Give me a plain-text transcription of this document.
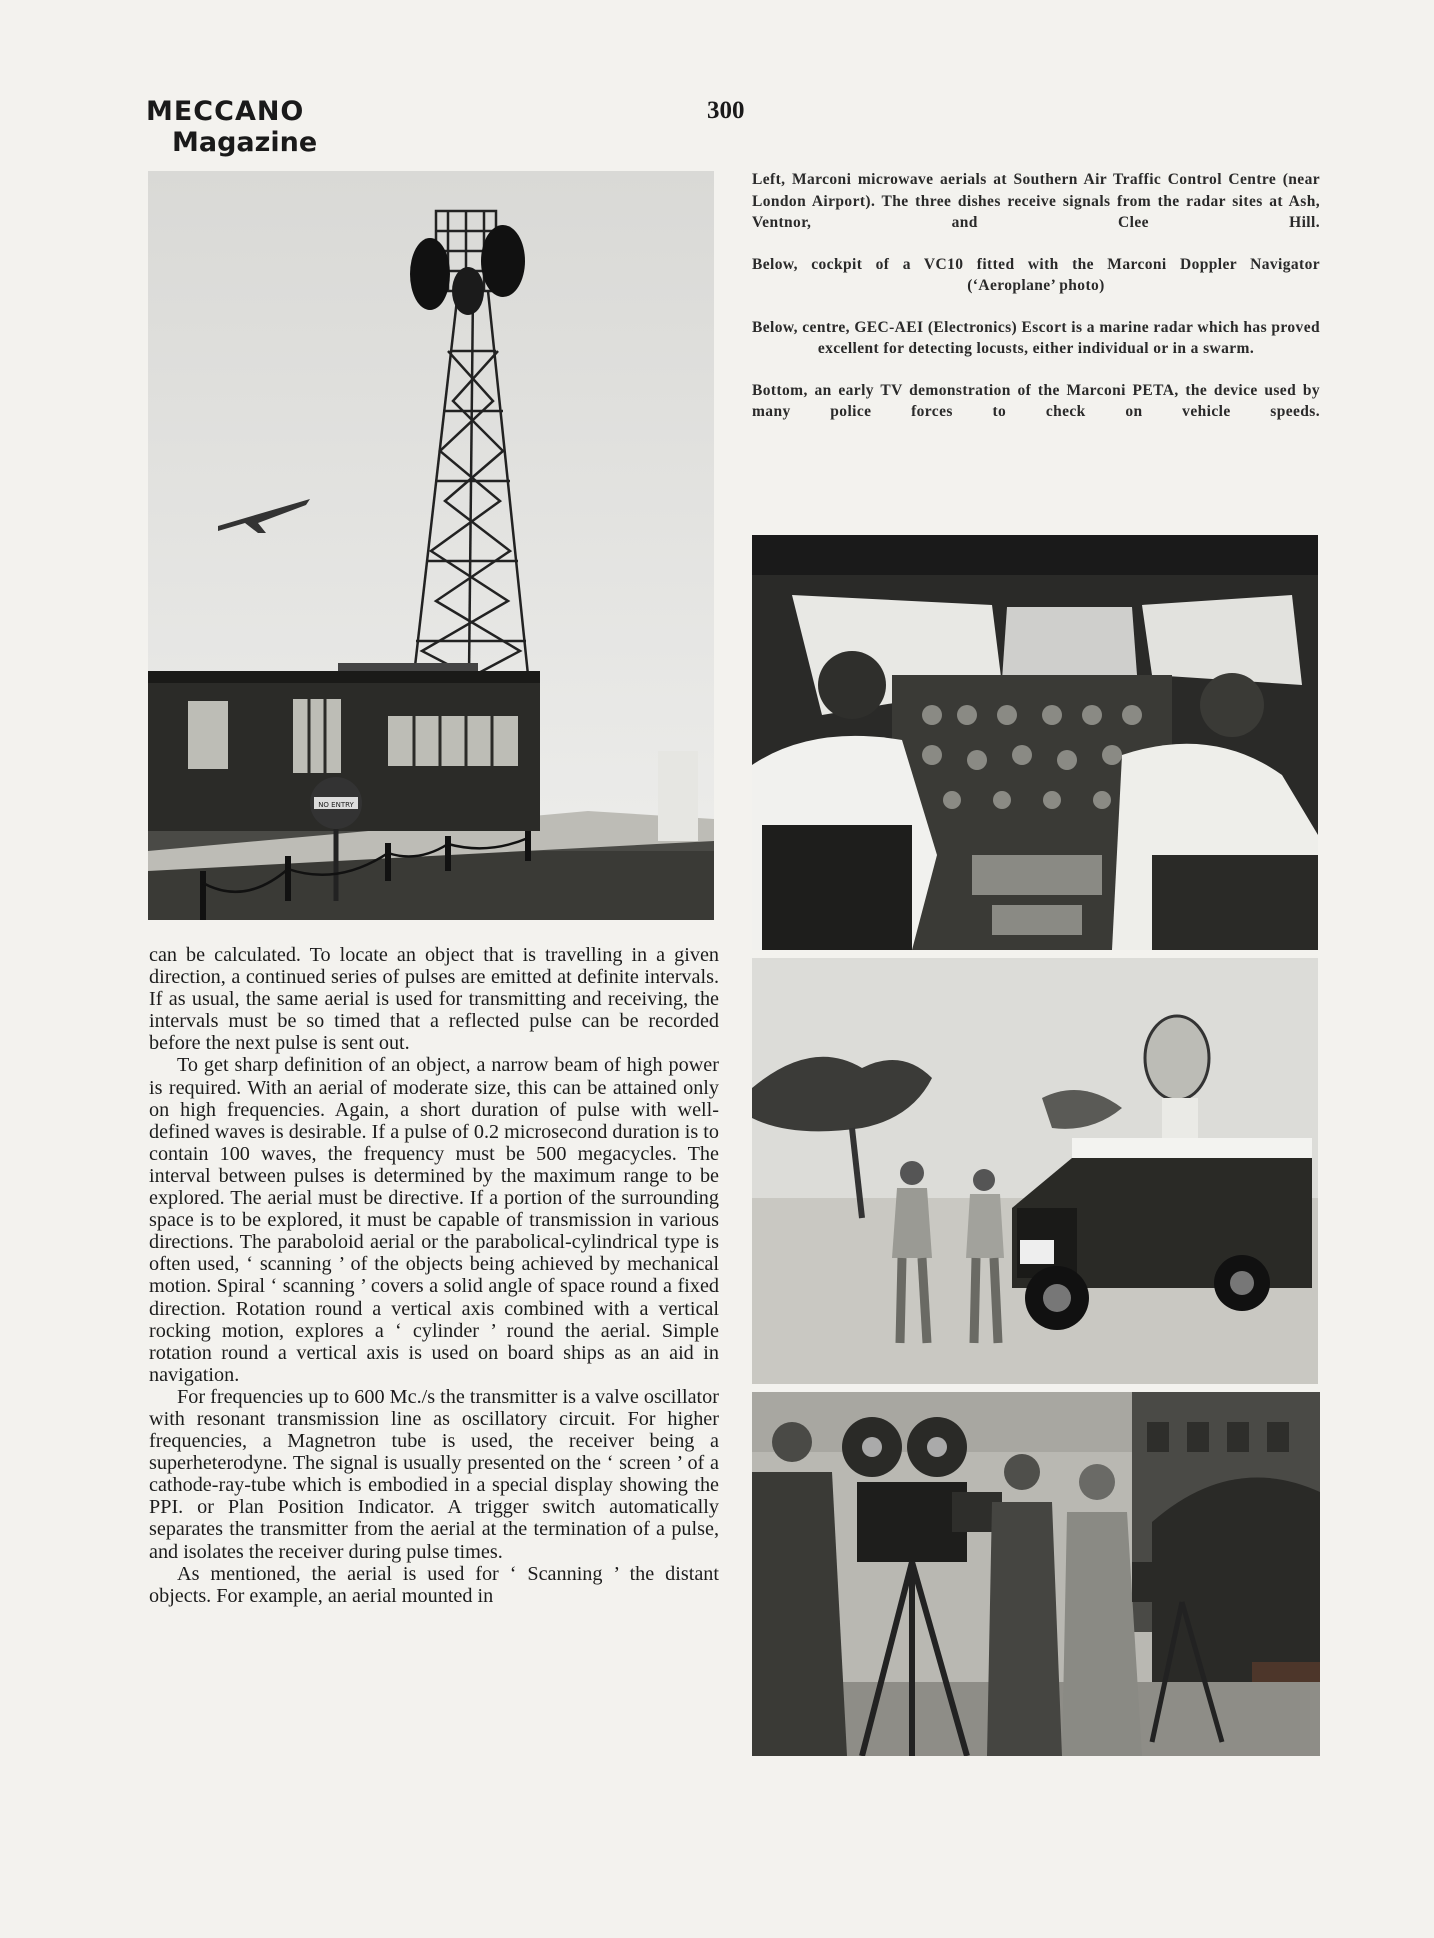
MECCANO
Magazine
300
NO ENTRY

Left, Marconi microwave aerials at Southern Air Traffic Control Centre (near London Airport). The three dishes receive signals from the radar sites at Ash, Ventnor, and Clee Hill.

Below, cockpit of a VC10 fitted with the Marconi Doppler Navigator (‘Aeroplane’ photo)

Below, centre, GEC-AEI (Electronics) Escort is a marine radar which has proved excellent for detecting locusts, either individual or in a swarm.

Bottom, an early TV demonstration of the Marconi PETA, the device used by many police forces to check on vehicle speeds.

can be calculated. To locate an object that is travelling in a given direction, a continued series of pulses are emitted at definite intervals. If as usual, the same aerial is used for transmitting and receiving, the intervals must be so timed that a reflected pulse can be recorded before the next pulse is sent out.

To get sharp definition of an object, a narrow beam of high power is required. With an aerial of moderate size, this can be attained only on high frequencies. Again, a short duration of pulse with well-defined waves is desirable. If a pulse of 0.2 microsecond duration is to contain 100 waves, the frequency must be 500 megacycles. The interval between pulses is determined by the maximum range to be explored. The aerial must be directive. If a portion of the surrounding space is to be explored, it must be capable of transmission in various directions. The paraboloid aerial or the parabolical-cylindrical type is often used, ‘ scanning ’ of the objects being achieved by mechanical motion. Spiral ‘ scanning ’ covers a solid angle of space round a fixed direction. Rotation round a vertical axis combined with a vertical rocking motion, explores a ‘ cylinder ’ round the aerial. Simple rotation round a vertical axis is used on board ships as an aid in navigation.

For frequencies up to 600 Mc./s the transmitter is a valve oscillator with resonant transmission line as oscillatory circuit. For higher frequencies, a Magnetron tube is used, the receiver being a superheterodyne. The signal is usually presented on the ‘ screen ’ of a cathode-ray-tube which is embodied in a special display showing the PPI. or Plan Position Indicator. A trigger switch automatically separates the transmitter from the aerial at the termination of a pulse, and isolates the receiver during pulse times.

As mentioned, the aerial is used for ‘ Scanning ’ the distant objects. For example, an aerial mounted in
